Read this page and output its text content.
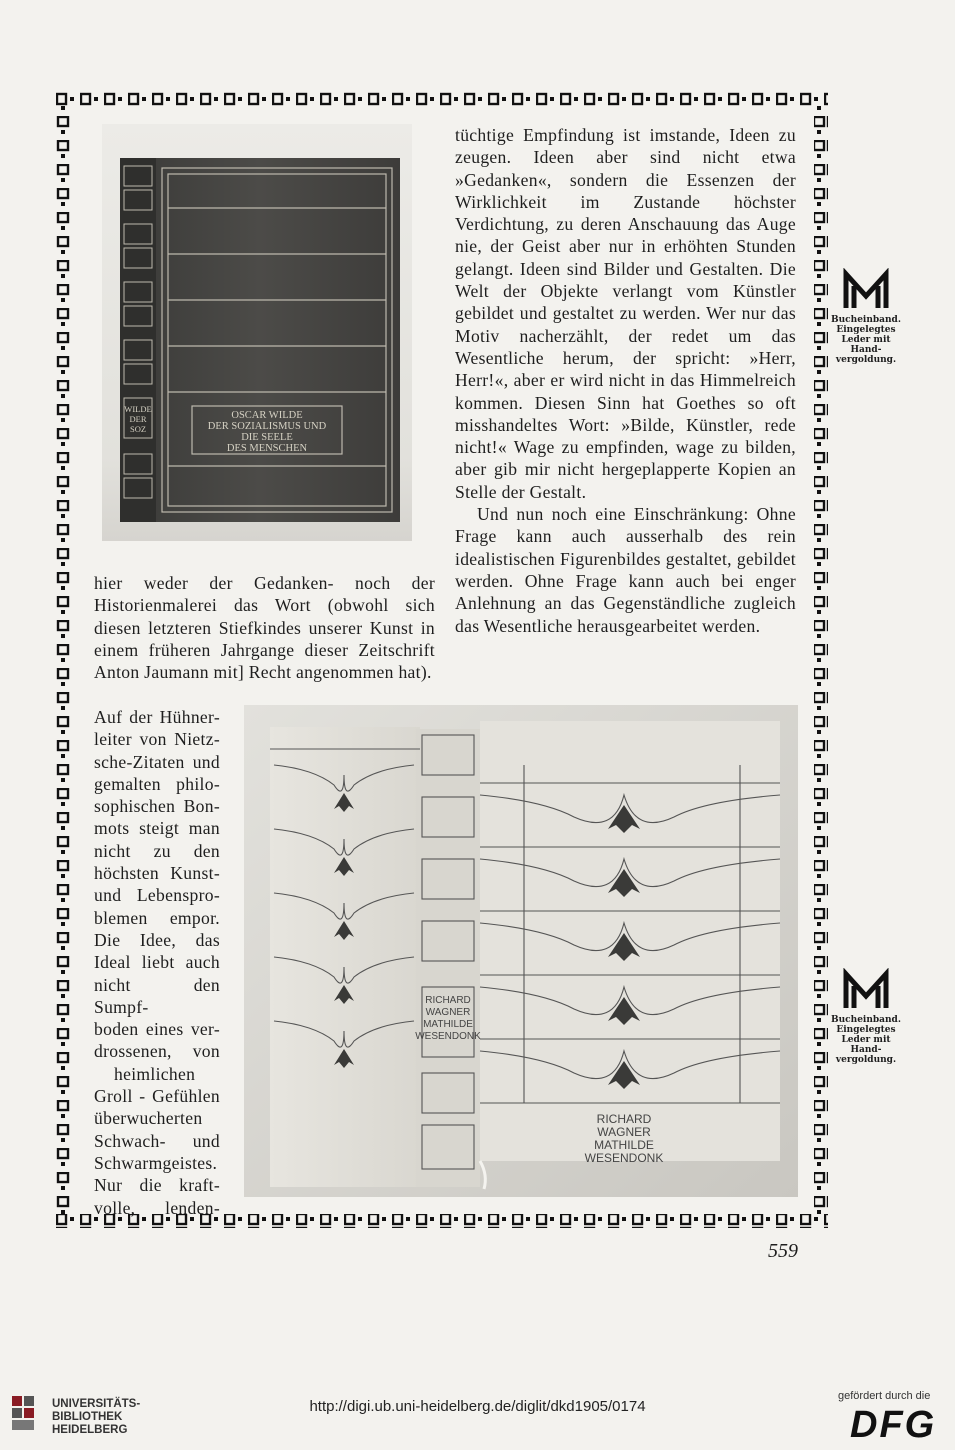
OSCAR WILDE
DER SOZIALISMUS UND
DIE SEELE
DES MENSCHEN
WILDE
DER
SOZ
RICHARD
WAGNER
MATHILDE
WESENDONK
RICHARD
WAGNER
MATHILDE
WESENDONK

tüchtige Empfindung ist imstande, Ideen zu zeugen. Ideen aber sind nicht etwa »Gedanken«, sondern die Essenzen der Wirklichkeit im Zustande höchster Verdichtung, zu deren Anschauung das Auge nie, der Geist aber nur in erhöhten Stunden gelangt. Ideen sind Bilder und Gestalten. Die Welt der Objekte verlangt vom Künstler gebildet und gestaltet zu werden. Wer nur das Motiv nacherzählt, der redet um das Wesentliche herum, der spricht: »Herr, Herr!«, aber er wird nicht in das Himmelreich kommen. Diesen Sinn hat Goethes so oft misshandeltes Wort: »Bilde, Künstler, rede nicht!« Wage zu empfinden, wage zu bilden, aber gib mir nicht hergeplapperte Kopien an Stelle der Gestalt.

Und nun noch eine Einschränkung: Ohne Frage kann auch ausserhalb des rein idealistischen Figurenbildes gestaltet, gebildet werden. Ohne Frage kann auch bei enger Anlehnung an das Gegenständliche zugleich das Wesentliche herausgearbeitet werden.

hier weder der Gedanken- noch der Historienmalerei das Wort (obwohl sich diesen letzteren Stiefkindes unserer Kunst in einem früheren Jahrgange dieser Zeitschrift Anton Jaumann mit] Recht angenommen hat).

Auf der Hühner-
leiter von Nietz-
sche-Zitaten und
gemalten philo-
sophischen Bon-
mots steigt man
nicht zu den
höchsten Kunst-
und Lebenspro-
blemen empor.
Die Idee, das
Ideal liebt auch
nicht den Sumpf-
boden eines ver-
drossenen, von
heimlichen
Groll - Gefühlen
überwucherten
Schwach- und
Schwarmgeistes.
Nur die kraft-
volle, lenden-
Bucheinband.
Eingelegtes
Leder mit
Hand-
vergoldung.
Bucheinband.
Eingelegtes
Leder mit
Hand-
vergoldung.
559
UNIVERSITÄTS-
BIBLIOTHEK
HEIDELBERG
http://digi.ub.uni-heidelberg.de/diglit/dkd1905/0174
gefördert durch die
DFG
